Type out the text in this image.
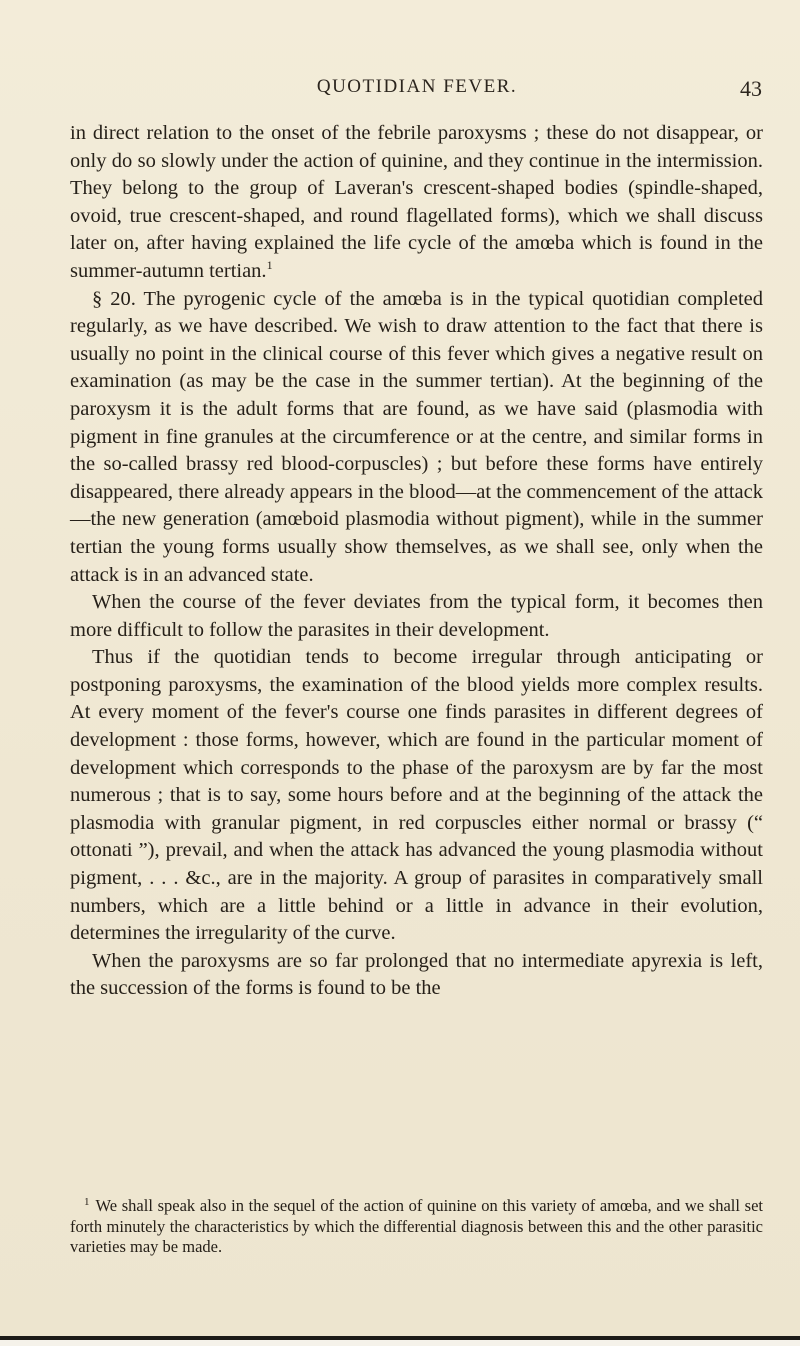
QUOTIDIAN FEVER.	43

in direct relation to the onset of the febrile paroxysms ; these do not disappear, or only do so slowly under the action of quinine, and they continue in the intermission. They belong to the group of Laveran's crescent-shaped bodies (spindle-shaped, ovoid, true crescent-shaped, and round flagellated forms), which we shall discuss later on, after having explained the life cycle of the amœba which is found in the summer-autumn tertian.$^1$

§ 20. The pyrogenic cycle of the amœba is in the typical quotidian completed regularly, as we have described. We wish to draw attention to the fact that there is usually no point in the clinical course of this fever which gives a negative result on examination (as may be the case in the summer tertian). At the beginning of the paroxysm it is the adult forms that are found, as we have said (plasmodia with pigment in fine granules at the circumference or at the centre, and similar forms in the so-called brassy red blood-corpuscles) ; but before these forms have entirely disappeared, there already appears in the blood—at the commencement of the attack—the new generation (amœboid plasmodia without pigment), while in the summer tertian the young forms usually show themselves, as we shall see, only when the attack is in an advanced state.

When the course of the fever deviates from the typical form, it becomes then more difficult to follow the parasites in their development.

Thus if the quotidian tends to become irregular through anticipating or postponing paroxysms, the examination of the blood yields more complex results. At every moment of the fever's course one finds parasites in different degrees of development : those forms, however, which are found in the particular moment of development which corresponds to the phase of the paroxysm are by far the most numerous ; that is to say, some hours before and at the beginning of the attack the plasmodia with granular pigment, in red corpuscles either normal or brassy (“ ottonati ”), prevail, and when the attack has advanced the young plasmodia without pigment, . . . &c., are in the majority. A group of parasites in comparatively small numbers, which are a little behind or a little in advance in their evolution, determines the irregularity of the curve.

When the paroxysms are so far prolonged that no intermediate apyrexia is left, the succession of the forms is found to be the

$^1$ We shall speak also in the sequel of the action of quinine on this variety of amœba, and we shall set forth minutely the characteristics by which the differential diagnosis between this and the other parasitic varieties may be made.
